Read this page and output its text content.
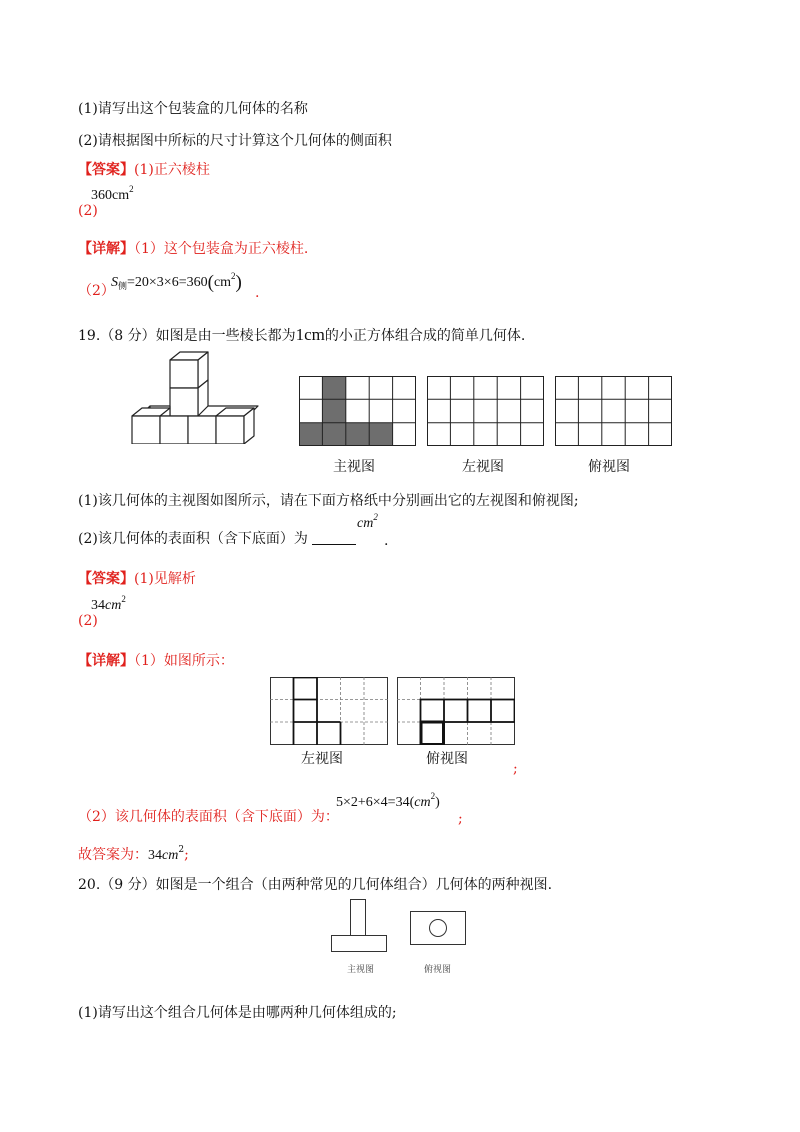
(1)请写出这个包装盒的几何体的名称
(2)请根据图中所标的尺寸计算这个几何体的侧面积
【答案】(1)正六棱柱
(2)
$360cm^2$
【详解】（1）这个包装盒为正六棱柱.
（2）
$S_侧=20\times 3\times 6=360(cm^2)$ .
19.（8 分）如图是由一些棱长都为1cm的小正方体组合成的简单几何体.
主视图	左视图	俯视图
(1)该几何体的主视图如图所示，请在下面方格纸中分别画出它的左视图和俯视图;
(2)该几何体的表面积（含下底面）为
$cm^2$
.
【答案】(1)见解析
(2)
$34cm^2$
【详解】（1）如图所示：
左视图	俯视图
;
（2）该几何体的表面积（含下底面）为：
$5\times 2+6\times 4=34(cm^2)$
;
故答案为：$34cm^2$;
20.（9 分）如图是一个组合（由两种常见的几何体组合）几何体的两种视图.
主视图	俯视图
(1)请写出这个组合几何体是由哪两种几何体组成的;
